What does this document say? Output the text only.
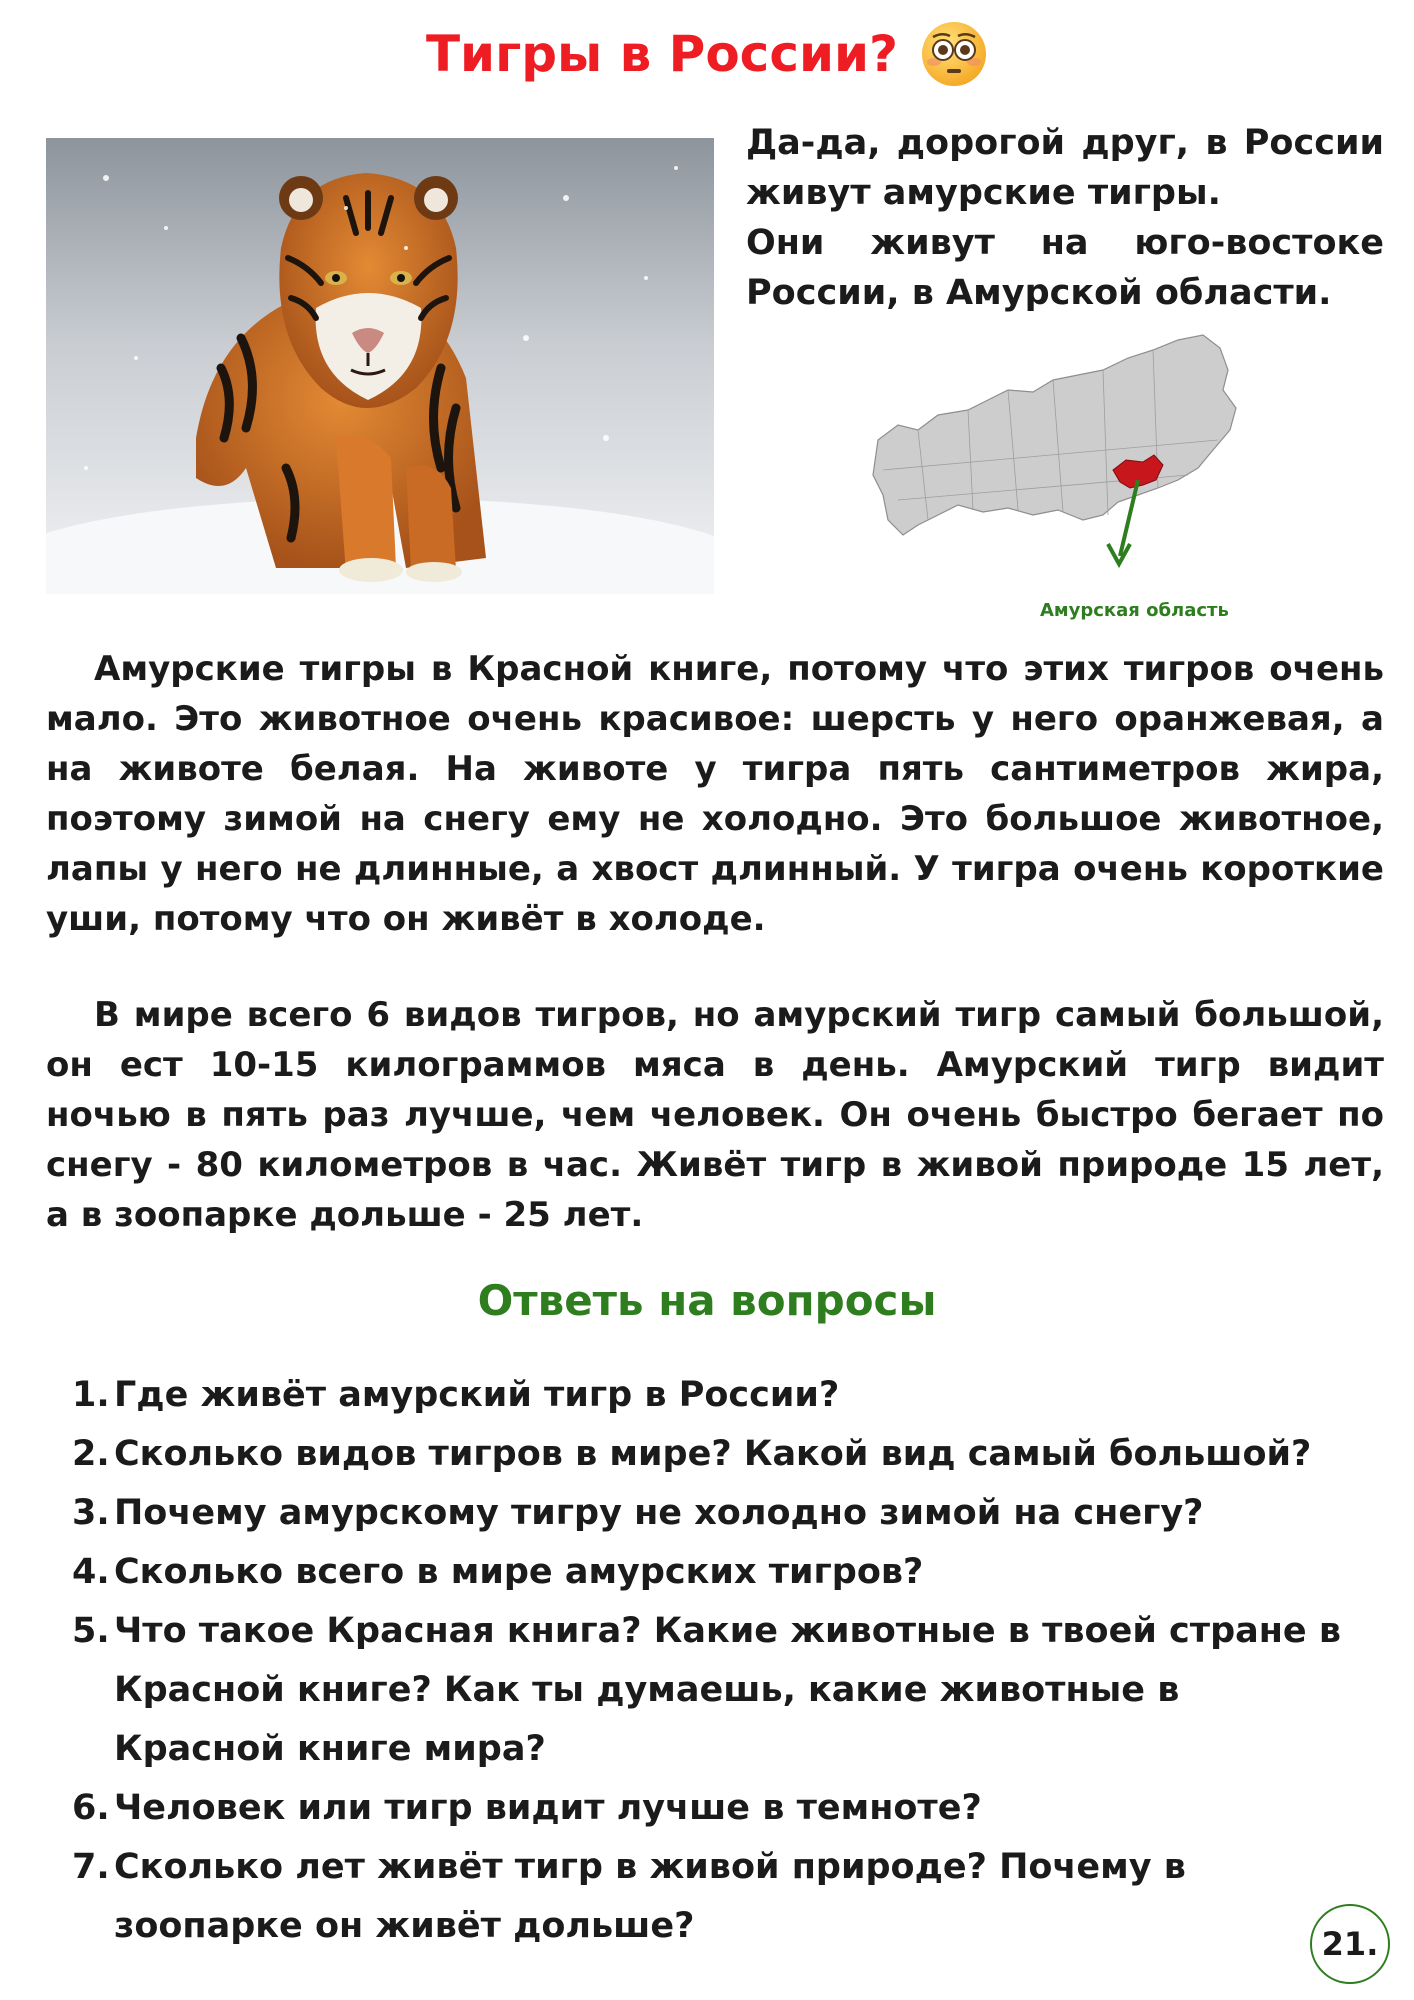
Тигры в России?

Да-да, дорогой друг, в России живут амурские тигры.

Они живут на юго-востоке России, в Амурской области.

Амурская область

Амурские тигры в Красной книге, потому что этих тигров очень мало. Это животное очень красивое: шерсть у него оранжевая, а на животе белая. На животе у тигра пять сантиметров жира, поэтому зимой на снегу ему не холодно. Это большое животное, лапы у него не длинные, а хвост длинный. У тигра очень короткие уши, потому что он живёт в холоде.

В мире всего 6 видов тигров, но амурский тигр самый большой, он ест 10-15 килограммов мяса в день. Амурский тигр видит ночью в пять раз лучше, чем человек. Он очень быстро бегает по снегу - 80 километров в час. Живёт тигр в живой природе 15 лет, а в зоопарке дольше - 25 лет.

Ответь на вопросы
1. Где живёт амурский тигр в России?
2. Сколько видов тигров в мире? Какой вид самый большой?
3. Почему амурскому тигру не холодно зимой на снегу?
4. Сколько всего в мире амурских тигров?
5. Что такое Красная книга? Какие животные в твоей стране в Красной книге? Как ты думаешь, какие животные в Красной книге мира?
6. Человек или тигр видит лучше в темноте?
7. Сколько лет живёт тигр в живой природе? Почему в зоопарке он живёт дольше?	21.
